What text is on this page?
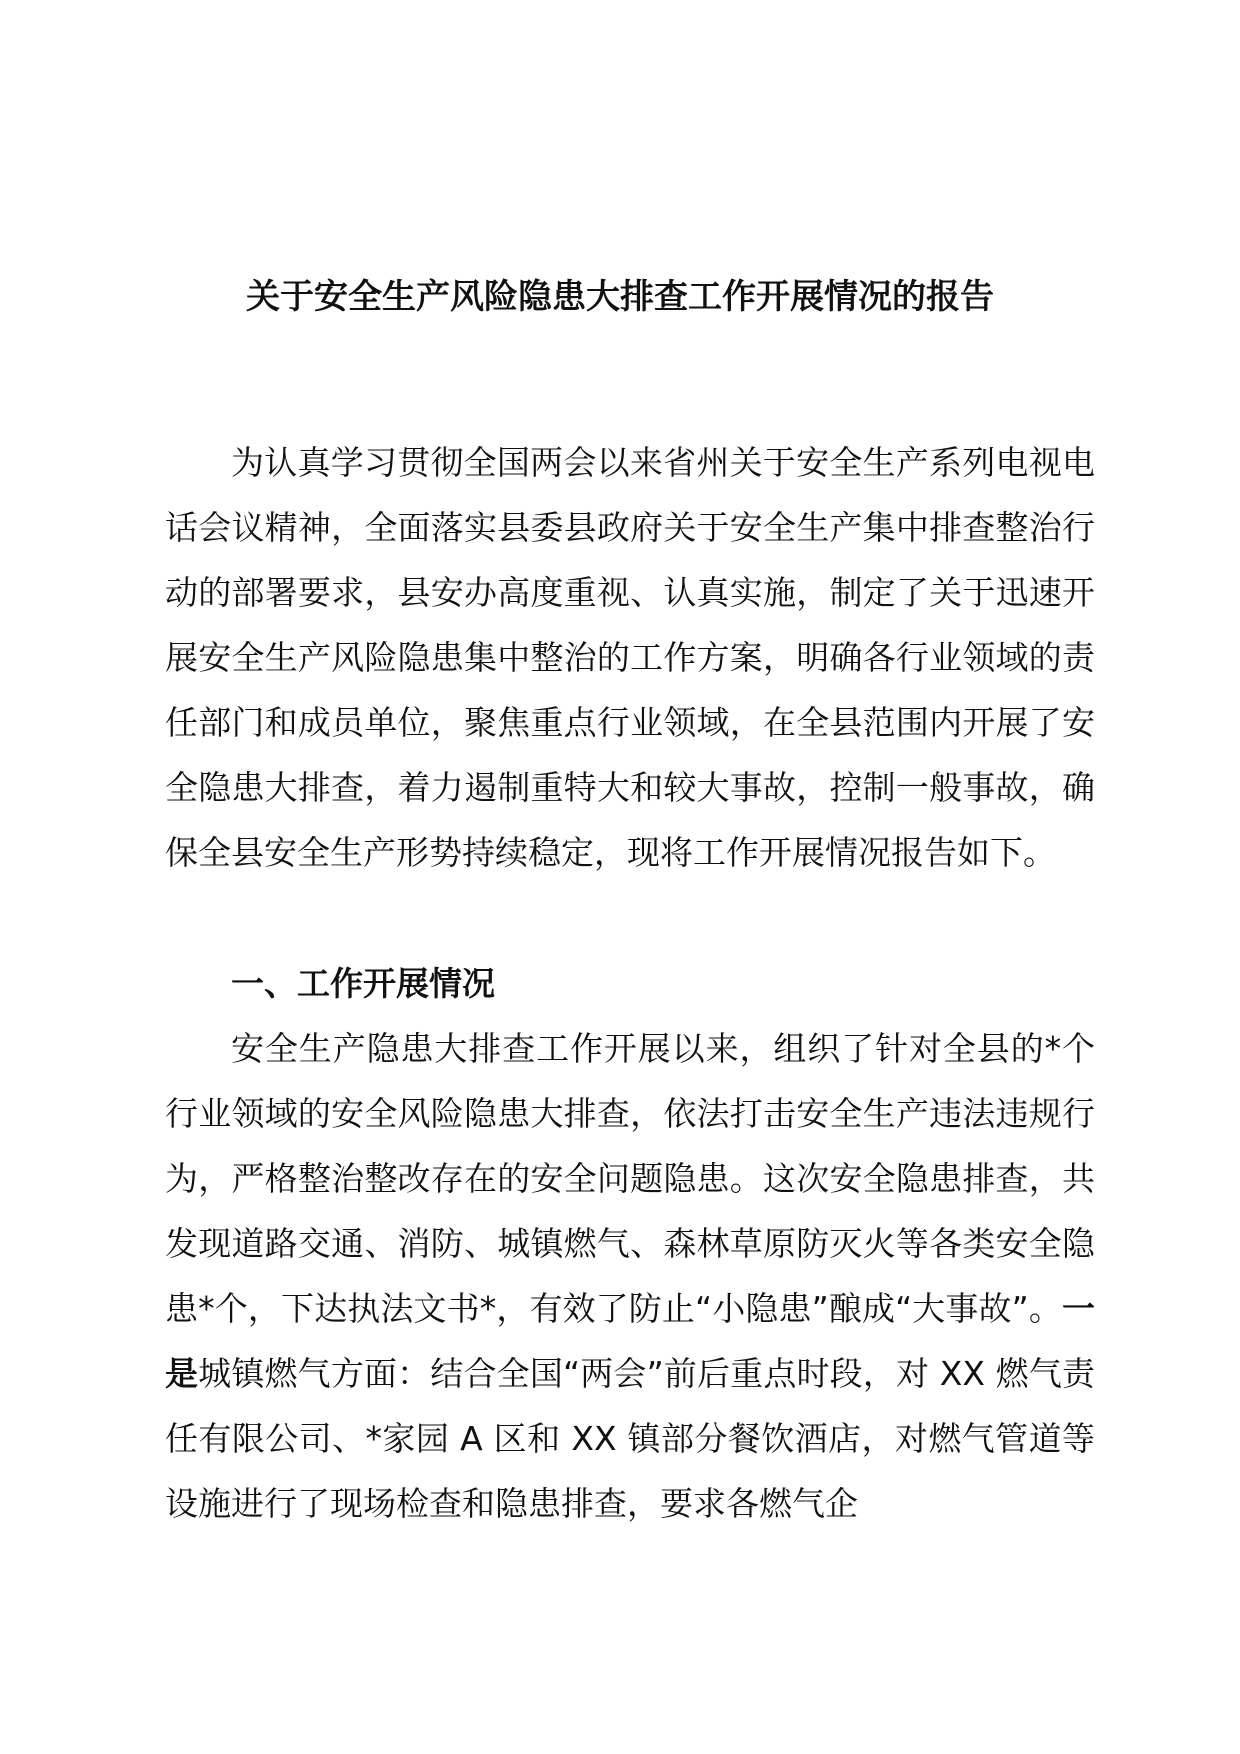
关于安全生产风险隐患大排查工作开展情况的报告

为认真学习贯彻全国两会以来省州关于安全生产系列电视电话会议精神，全面落实县委县政府关于安全生产集中排查整治行动的部署要求，县安办高度重视、认真实施，制定了关于迅速开展安全生产风险隐患集中整治的工作方案，明确各行业领域的责任部门和成员单位，聚焦重点行业领域，在全县范围内开展了安全隐患大排查，着力遏制重特大和较大事故，控制一般事故，确保全县安全生产形势持续稳定，现将工作开展情况报告如下。

一、工作开展情况

安全生产隐患大排查工作开展以来，组织了针对全县的*个行业领域的安全风险隐患大排查，依法打击安全生产违法违规行为，严格整治整改存在的安全问题隐患。这次安全隐患排查，共发现道路交通、消防、城镇燃气、森林草原防灭火等各类安全隐患*个，下达执法文书*，有效了防止“小隐患”酿成“大事故”。一是城镇燃气方面：结合全国“两会”前后重点时段，对 XX 燃气责任有限公司、*家园 A 区和 XX 镇部分餐饮酒店，对燃气管道等设施进行了现场检查和隐患排查，要求各燃气企
